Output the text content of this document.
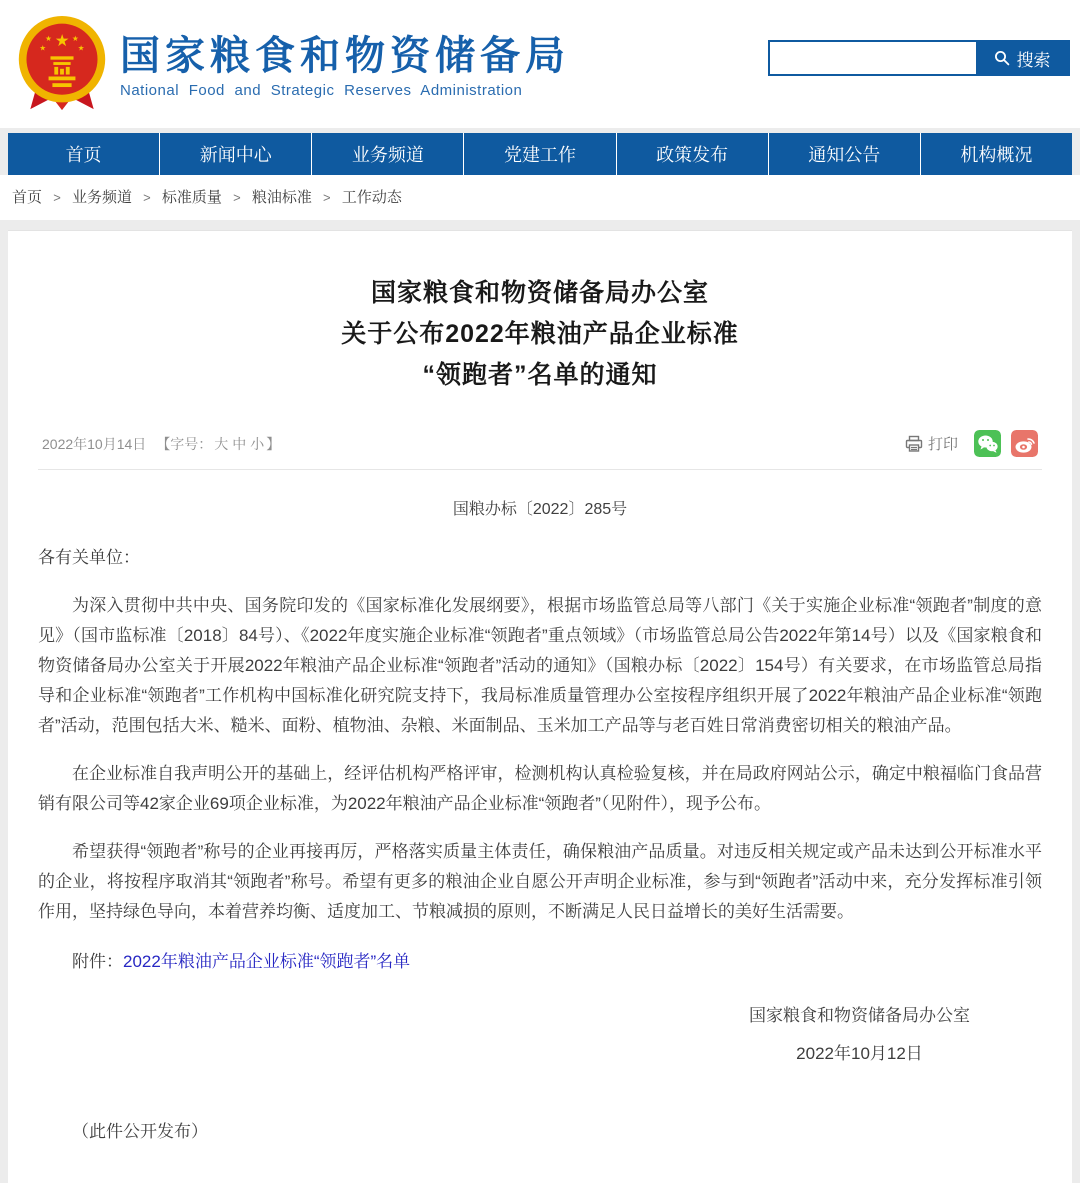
★
★ ★
★	★ 国家粮食和物资储备局
National Food and Strategic Reserves Administration
搜索
首页	新闻中心	业务频道	党建工作	政策发布	通知公告	机构概况
首页 > 业务频道 > 标准质量 > 粮油标准 > 工作动态
国家粮食和物资储备局办公室
关于公布2022年粮油产品企业标准
“领跑者”名单的通知
2022年10月14日 【字号： 大 中 小 】	打印
国粮办标〔2022〕285号

各有关单位：

为深入贯彻中共中央、国务院印发的《国家标准化发展纲要》，根据市场监管总局等八部门《关于实施企业标准“领跑者”制度的意见》（国市监标准〔2018〕84号）、《2022年度实施企业标准“领跑者”重点领域》（市场监管总局公告2022年第14号）以及《国家粮食和物资储备局办公室关于开展2022年粮油产品企业标准“领跑者”活动的通知》（国粮办标〔2022〕154号）有关要求，在市场监管总局指导和企业标准“领跑者”工作机构中国标准化研究院支持下，我局标准质量管理办公室按程序组织开展了2022年粮油产品企业标准“领跑者”活动，范围包括大米、糙米、面粉、植物油、杂粮、米面制品、玉米加工产品等与老百姓日常消费密切相关的粮油产品。

在企业标准自我声明公开的基础上，经评估机构严格评审，检测机构认真检验复核，并在局政府网站公示，确定中粮福临门食品营销有限公司等42家企业69项企业标准，为2022年粮油产品企业标准“领跑者”（见附件），现予公布。

希望获得“领跑者”称号的企业再接再厉，严格落实质量主体责任，确保粮油产品质量。对违反相关规定或产品未达到公开标准水平的企业，将按程序取消其“领跑者”称号。希望有更多的粮油企业自愿公开声明企业标准，参与到“领跑者”活动中来，充分发挥标准引领作用，坚持绿色导向，本着营养均衡、适度加工、节粮减损的原则，不断满足人民日益增长的美好生活需要。

附件：2022年粮油产品企业标准“领跑者”名单

国家粮食和物资储备局办公室
2022年10月12日
（此件公开发布）
